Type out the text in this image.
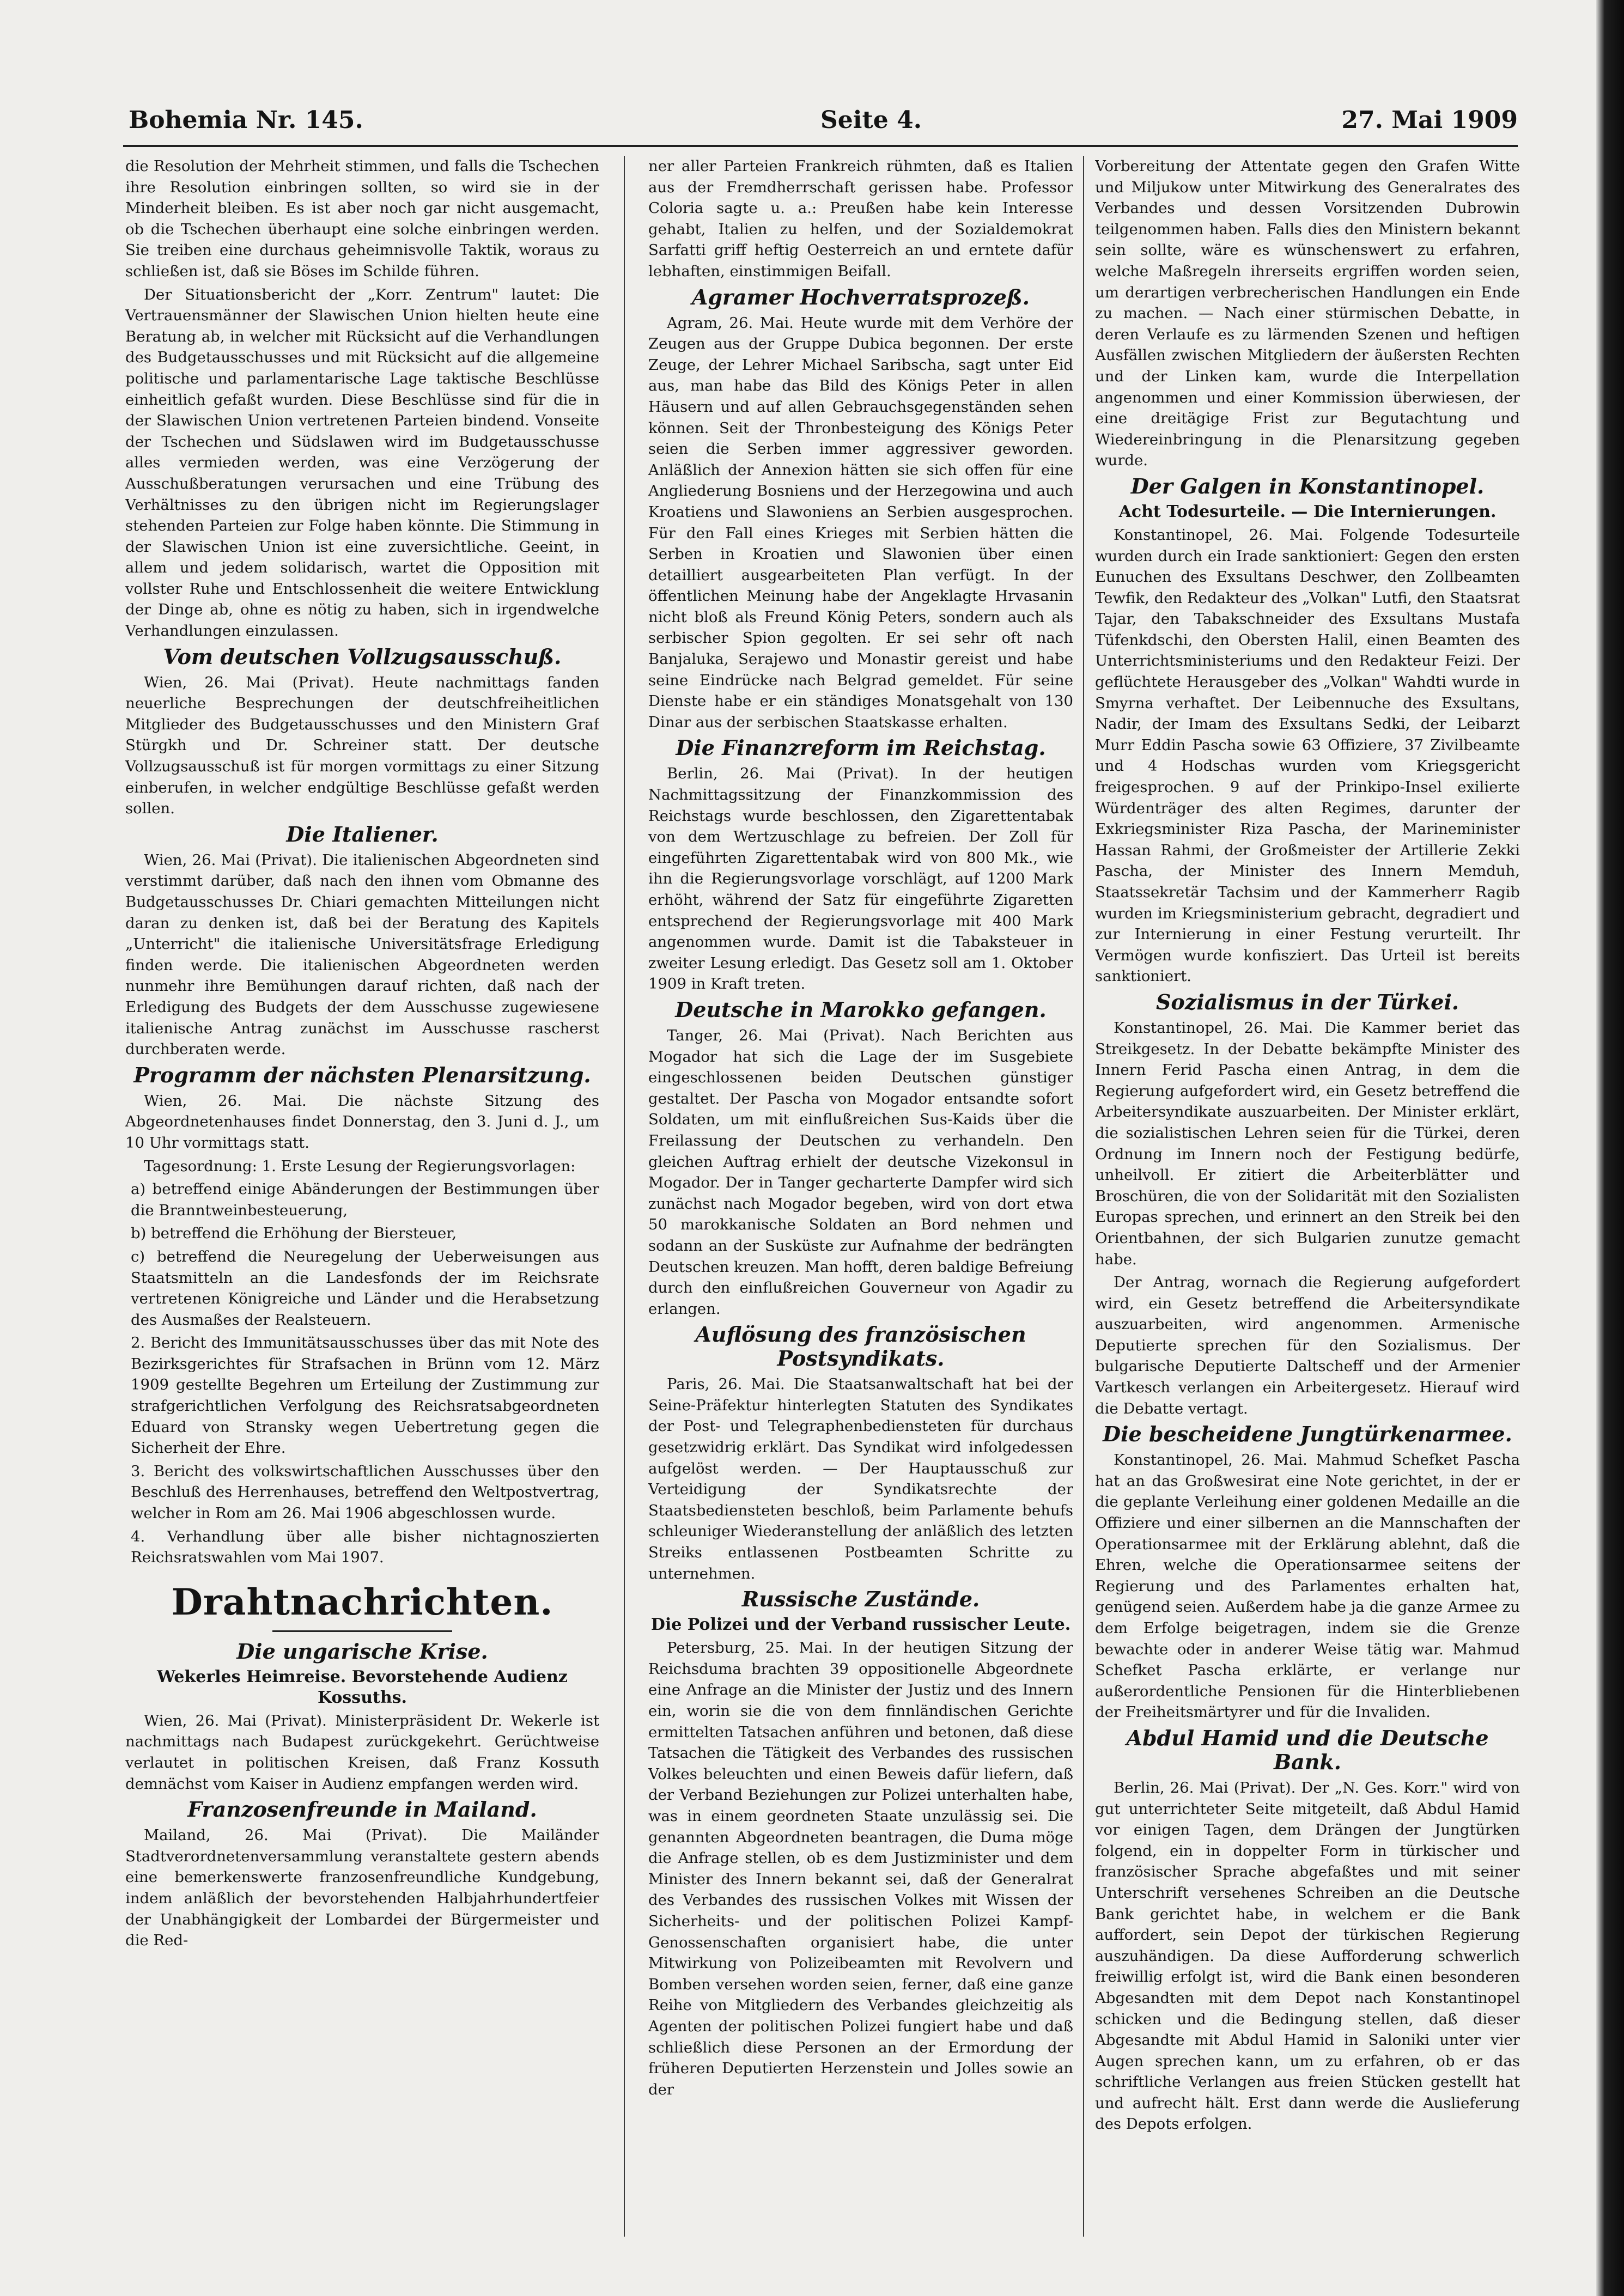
Bohemia Nr. 145.	Seite 4.	27. Mai 1909

die Resolution der Mehrheit stimmen, und falls die Tschechen ihre Resolution einbringen sollten, so wird sie in der Minderheit bleiben. Es ist aber noch gar nicht ausgemacht, ob die Tschechen überhaupt eine solche einbringen werden. Sie treiben eine durchaus geheimnisvolle Taktik, woraus zu schließen ist, daß sie Böses im Schilde führen.

Der Situationsbericht der „Korr. Zentrum" lautet: Die Vertrauensmänner der Slawischen Union hielten heute eine Beratung ab, in welcher mit Rücksicht auf die Verhandlungen des Budgetausschusses und mit Rücksicht auf die allgemeine politische und parlamentarische Lage taktische Beschlüsse einheitlich gefaßt wurden. Diese Beschlüsse sind für die in der Slawischen Union vertretenen Parteien bindend. Vonseite der Tschechen und Südslawen wird im Budgetausschusse alles vermieden werden, was eine Verzögerung der Ausschußberatungen verursachen und eine Trübung des Verhältnisses zu den übrigen nicht im Regierungslager stehenden Parteien zur Folge haben könnte. Die Stimmung in der Slawischen Union ist eine zuversichtliche. Geeint, in allem und jedem solidarisch, wartet die Opposition mit vollster Ruhe und Entschlossenheit die weitere Entwicklung der Dinge ab, ohne es nötig zu haben, sich in irgendwelche Verhandlungen einzulassen.

Vom deutschen Vollzugsausschuß.

Wien, 26. Mai (Privat). Heute nachmittags fanden neuerliche Besprechungen der deutschfreiheitlichen Mitglieder des Budgetausschusses und den Ministern Graf Stürgkh und Dr. Schreiner statt. Der deutsche Vollzugsausschuß ist für morgen vormittags zu einer Sitzung einberufen, in welcher endgültige Beschlüsse gefaßt werden sollen.

Die Italiener.

Wien, 26. Mai (Privat). Die italienischen Abgeordneten sind verstimmt darüber, daß nach den ihnen vom Obmanne des Budgetausschusses Dr. Chiari gemachten Mitteilungen nicht daran zu denken ist, daß bei der Beratung des Kapitels „Unterricht" die italienische Universitätsfrage Erledigung finden werde. Die italienischen Abgeordneten werden nunmehr ihre Bemühungen darauf richten, daß nach der Erledigung des Budgets der dem Ausschusse zugewiesene italienische Antrag zunächst im Ausschusse rascherst durchberaten werde.

Programm der nächsten Plenarsitzung.

Wien, 26. Mai. Die nächste Sitzung des Abgeordnetenhauses findet Donnerstag, den 3. Juni d. J., um 10 Uhr vormittags statt.

Tagesordnung: 1. Erste Lesung der Regierungsvorlagen:

a) betreffend einige Abänderungen der Bestimmungen über die Branntweinbesteuerung,

b) betreffend die Erhöhung der Biersteuer,

c) betreffend die Neuregelung der Ueberweisungen aus Staatsmitteln an die Landesfonds der im Reichsrate vertretenen Königreiche und Länder und die Herabsetzung des Ausmaßes der Realsteuern.

2. Bericht des Immunitätsausschusses über das mit Note des Bezirksgerichtes für Strafsachen in Brünn vom 12. März 1909 gestellte Begehren um Erteilung der Zustimmung zur strafgerichtlichen Verfolgung des Reichsratsabgeordneten Eduard von Stransky wegen Uebertretung gegen die Sicherheit der Ehre.

3. Bericht des volkswirtschaftlichen Ausschusses über den Beschluß des Herrenhauses, betreffend den Weltpostvertrag, welcher in Rom am 26. Mai 1906 abgeschlossen wurde.

4. Verhandlung über alle bisher nichtagnoszierten Reichsratswahlen vom Mai 1907.

Drahtnachrichten.
Die ungarische Krise.
Wekerles Heimreise. Bevorstehende Audienz Kossuths.

Wien, 26. Mai (Privat). Ministerpräsident Dr. Wekerle ist nachmittags nach Budapest zurückgekehrt. Gerüchtweise verlautet in politischen Kreisen, daß Franz Kossuth demnächst vom Kaiser in Audienz empfangen werden wird.

Franzosenfreunde in Mailand.

Mailand, 26. Mai (Privat). Die Mailänder Stadtverordnetenversammlung veranstaltete gestern abends eine bemerkenswerte franzosenfreundliche Kundgebung, indem anläßlich der bevorstehenden Halbjahrhundertfeier der Unabhängigkeit der Lombardei der Bürgermeister und die Red-

ner aller Parteien Frankreich rühmten, daß es Italien aus der Fremdherrschaft gerissen habe. Professor Coloria sagte u. a.: Preußen habe kein Interesse gehabt, Italien zu helfen, und der Sozialdemokrat Sarfatti griff heftig Oesterreich an und erntete dafür lebhaften, einstimmigen Beifall.

Agramer Hochverratsprozeß.

Agram, 26. Mai. Heute wurde mit dem Verhöre der Zeugen aus der Gruppe Dubica begonnen. Der erste Zeuge, der Lehrer Michael Saribscha, sagt unter Eid aus, man habe das Bild des Königs Peter in allen Häusern und auf allen Gebrauchsgegenständen sehen können. Seit der Thronbesteigung des Königs Peter seien die Serben immer aggressiver geworden. Anläßlich der Annexion hätten sie sich offen für eine Angliederung Bosniens und der Herzegowina und auch Kroatiens und Slawoniens an Serbien ausgesprochen. Für den Fall eines Krieges mit Serbien hätten die Serben in Kroatien und Slawonien über einen detailliert ausgearbeiteten Plan verfügt. In der öffentlichen Meinung habe der Angeklagte Hrvasanin nicht bloß als Freund König Peters, sondern auch als serbischer Spion gegolten. Er sei sehr oft nach Banjaluka, Serajewo und Monastir gereist und habe seine Eindrücke nach Belgrad gemeldet. Für seine Dienste habe er ein ständiges Monatsgehalt von 130 Dinar aus der serbischen Staatskasse erhalten.

Die Finanzreform im Reichstag.

Berlin, 26. Mai (Privat). In der heutigen Nachmittagssitzung der Finanzkommission des Reichstags wurde beschlossen, den Zigarettentabak von dem Wertzuschlage zu befreien. Der Zoll für eingeführten Zigarettentabak wird von 800 Mk., wie ihn die Regierungsvorlage vorschlägt, auf 1200 Mark erhöht, während der Satz für eingeführte Zigaretten entsprechend der Regierungsvorlage mit 400 Mark angenommen wurde. Damit ist die Tabaksteuer in zweiter Lesung erledigt. Das Gesetz soll am 1. Oktober 1909 in Kraft treten.

Deutsche in Marokko gefangen.

Tanger, 26. Mai (Privat). Nach Berichten aus Mogador hat sich die Lage der im Susgebiete eingeschlossenen beiden Deutschen günstiger gestaltet. Der Pascha von Mogador entsandte sofort Soldaten, um mit einflußreichen Sus-Kaids über die Freilassung der Deutschen zu verhandeln. Den gleichen Auftrag erhielt der deutsche Vizekonsul in Mogador. Der in Tanger gecharterte Dampfer wird sich zunächst nach Mogador begeben, wird von dort etwa 50 marokkanische Soldaten an Bord nehmen und sodann an der Susküste zur Aufnahme der bedrängten Deutschen kreuzen. Man hofft, deren baldige Befreiung durch den einflußreichen Gouverneur von Agadir zu erlangen.

Auflösung des französischen Postsyndikats.

Paris, 26. Mai. Die Staatsanwaltschaft hat bei der Seine-Präfektur hinterlegten Statuten des Syndikates der Post- und Telegraphenbediensteten für durchaus gesetzwidrig erklärt. Das Syndikat wird infolgedessen aufgelöst werden. — Der Hauptausschuß zur Verteidigung der Syndikatsrechte der Staatsbediensteten beschloß, beim Parlamente behufs schleuniger Wiederanstellung der anläßlich des letzten Streiks entlassenen Postbeamten Schritte zu unternehmen.

Russische Zustände.
Die Polizei und der Verband russischer Leute.

Petersburg, 25. Mai. In der heutigen Sitzung der Reichsduma brachten 39 oppositionelle Abgeordnete eine Anfrage an die Minister der Justiz und des Innern ein, worin sie die von dem finnländischen Gerichte ermittelten Tatsachen anführen und betonen, daß diese Tatsachen die Tätigkeit des Verbandes des russischen Volkes beleuchten und einen Beweis dafür liefern, daß der Verband Beziehungen zur Polizei unterhalten habe, was in einem geordneten Staate unzulässig sei. Die genannten Abgeordneten beantragen, die Duma möge die Anfrage stellen, ob es dem Justizminister und dem Minister des Innern bekannt sei, daß der Generalrat des Verbandes des russischen Volkes mit Wissen der Sicherheits- und der politischen Polizei Kampf-Genossenschaften organisiert habe, die unter Mitwirkung von Polizeibeamten mit Revolvern und Bomben versehen worden seien, ferner, daß eine ganze Reihe von Mitgliedern des Verbandes gleichzeitig als Agenten der politischen Polizei fungiert habe und daß schließlich diese Personen an der Ermordung der früheren Deputierten Herzenstein und Jolles sowie an der

Vorbereitung der Attentate gegen den Grafen Witte und Miljukow unter Mitwirkung des Generalrates des Verbandes und dessen Vorsitzenden Dubrowin teilgenommen haben. Falls dies den Ministern bekannt sein sollte, wäre es wünschenswert zu erfahren, welche Maßregeln ihrerseits ergriffen worden seien, um derartigen verbrecherischen Handlungen ein Ende zu machen. — Nach einer stürmischen Debatte, in deren Verlaufe es zu lärmenden Szenen und heftigen Ausfällen zwischen Mitgliedern der äußersten Rechten und der Linken kam, wurde die Interpellation angenommen und einer Kommission überwiesen, der eine dreitägige Frist zur Begutachtung und Wiedereinbringung in die Plenarsitzung gegeben wurde.

Der Galgen in Konstantinopel.
Acht Todesurteile. — Die Internierungen.

Konstantinopel, 26. Mai. Folgende Todesurteile wurden durch ein Irade sanktioniert: Gegen den ersten Eunuchen des Exsultans Deschwer, den Zollbeamten Tewfik, den Redakteur des „Volkan" Lutfi, den Staatsrat Tajar, den Tabakschneider des Exsultans Mustafa Tüfenkdschi, den Obersten Halil, einen Beamten des Unterrichtsministeriums und den Redakteur Feizi. Der geflüchtete Herausgeber des „Volkan" Wahdti wurde in Smyrna verhaftet. Der Leibennuche des Exsultans, Nadir, der Imam des Exsultans Sedki, der Leibarzt Murr Eddin Pascha sowie 63 Offiziere, 37 Zivilbeamte und 4 Hodschas wurden vom Kriegsgericht freigesprochen. 9 auf der Prinkipo-Insel exilierte Würdenträger des alten Regimes, darunter der Exkriegsminister Riza Pascha, der Marineminister Hassan Rahmi, der Großmeister der Artillerie Zekki Pascha, der Minister des Innern Memduh, Staatssekretär Tachsim und der Kammerherr Ragib wurden im Kriegsministerium gebracht, degradiert und zur Internierung in einer Festung verurteilt. Ihr Vermögen wurde konfisziert. Das Urteil ist bereits sanktioniert.

Sozialismus in der Türkei.

Konstantinopel, 26. Mai. Die Kammer beriet das Streikgesetz. In der Debatte bekämpfte Minister des Innern Ferid Pascha einen Antrag, in dem die Regierung aufgefordert wird, ein Gesetz betreffend die Arbeitersyndikate auszuarbeiten. Der Minister erklärt, die sozialistischen Lehren seien für die Türkei, deren Ordnung im Innern noch der Festigung bedürfe, unheilvoll. Er zitiert die Arbeiterblätter und Broschüren, die von der Solidarität mit den Sozialisten Europas sprechen, und erinnert an den Streik bei den Orientbahnen, der sich Bulgarien zunutze gemacht habe.

Der Antrag, wornach die Regierung aufgefordert wird, ein Gesetz betreffend die Arbeitersyndikate auszuarbeiten, wird angenommen. Armenische Deputierte sprechen für den Sozialismus. Der bulgarische Deputierte Daltscheff und der Armenier Vartkesch verlangen ein Arbeitergesetz. Hierauf wird die Debatte vertagt.

Die bescheidene Jungtürkenarmee.

Konstantinopel, 26. Mai. Mahmud Schefket Pascha hat an das Großwesirat eine Note gerichtet, in der er die geplante Verleihung einer goldenen Medaille an die Offiziere und einer silbernen an die Mannschaften der Operationsarmee mit der Erklärung ablehnt, daß die Ehren, welche die Operationsarmee seitens der Regierung und des Parlamentes erhalten hat, genügend seien. Außerdem habe ja die ganze Armee zu dem Erfolge beigetragen, indem sie die Grenze bewachte oder in anderer Weise tätig war. Mahmud Schefket Pascha erklärte, er verlange nur außerordentliche Pensionen für die Hinterbliebenen der Freiheitsmärtyrer und für die Invaliden.

Abdul Hamid und die Deutsche Bank.

Berlin, 26. Mai (Privat). Der „N. Ges. Korr." wird von gut unterrichteter Seite mitgeteilt, daß Abdul Hamid vor einigen Tagen, dem Drängen der Jungtürken folgend, ein in doppelter Form in türkischer und französischer Sprache abgefaßtes und mit seiner Unterschrift versehenes Schreiben an die Deutsche Bank gerichtet habe, in welchem er die Bank auffordert, sein Depot der türkischen Regierung auszuhändigen. Da diese Aufforderung schwerlich freiwillig erfolgt ist, wird die Bank einen besonderen Abgesandten mit dem Depot nach Konstantinopel schicken und die Bedingung stellen, daß dieser Abgesandte mit Abdul Hamid in Saloniki unter vier Augen sprechen kann, um zu erfahren, ob er das schriftliche Verlangen aus freien Stücken gestellt hat und aufrecht hält. Erst dann werde die Auslieferung des Depots erfolgen.
